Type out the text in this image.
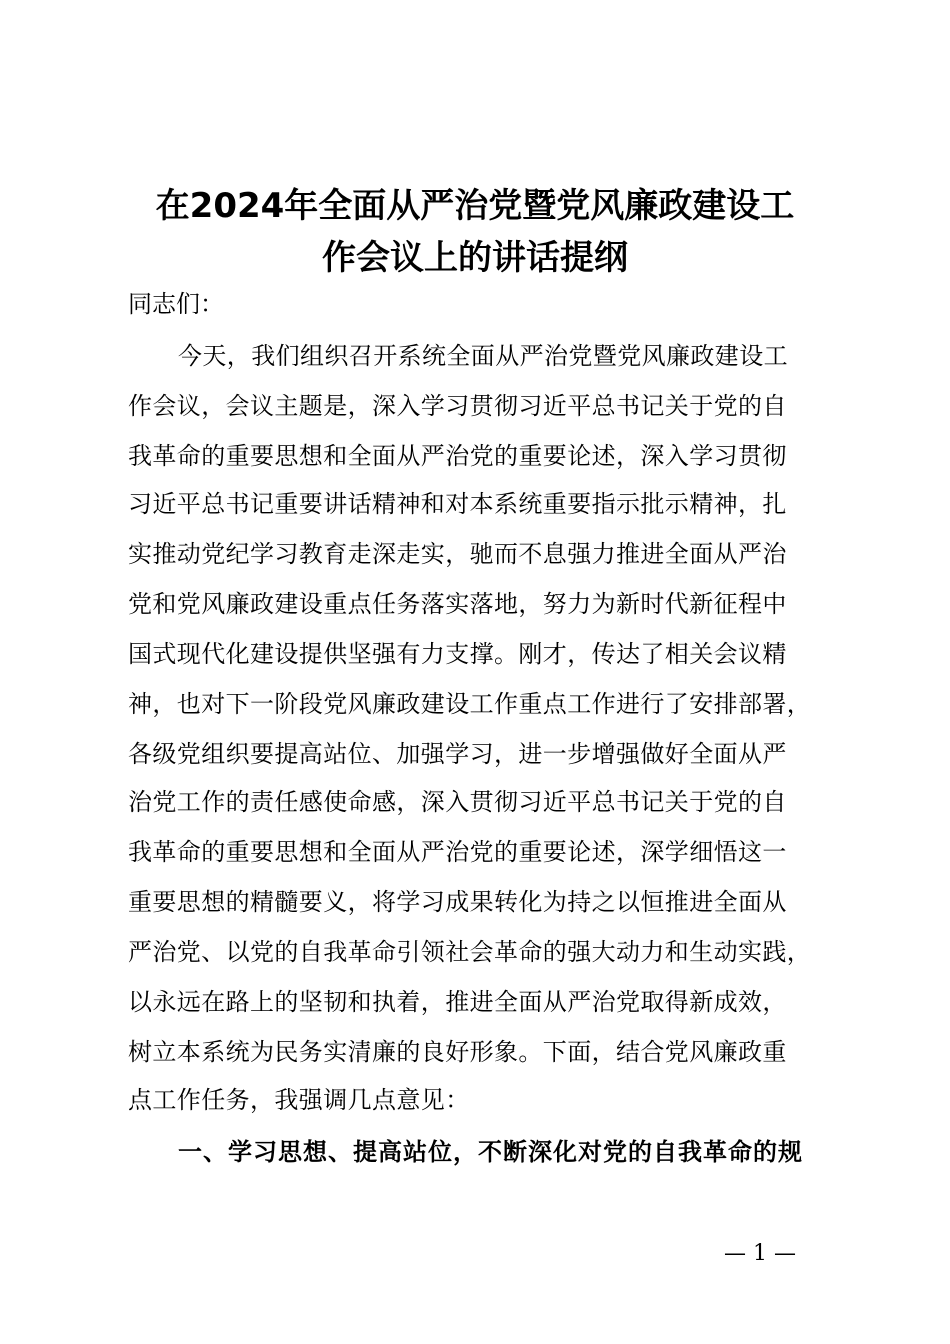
在2024年全面从严治党暨党风廉政建设工
作会议上的讲话提纲
同志们：
今天，我们组织召开系统全面从严治党暨党风廉政建设工
作会议，会议主题是，深入学习贯彻习近平总书记关于党的自
我革命的重要思想和全面从严治党的重要论述，深入学习贯彻
习近平总书记重要讲话精神和对本系统重要指示批示精神，扎
实推动党纪学习教育走深走实，驰而不息强力推进全面从严治
党和党风廉政建设重点任务落实落地，努力为新时代新征程中
国式现代化建设提供坚强有力支撑。刚才，传达了相关会议精
神，也对下一阶段党风廉政建设工作重点工作进行了安排部署，
各级党组织要提高站位、加强学习，进一步增强做好全面从严
治党工作的责任感使命感，深入贯彻习近平总书记关于党的自
我革命的重要思想和全面从严治党的重要论述，深学细悟这一
重要思想的精髓要义，将学习成果转化为持之以恒推进全面从
严治党、以党的自我革命引领社会革命的强大动力和生动实践，
以永远在路上的坚韧和执着，推进全面从严治党取得新成效，
树立本系统为民务实清廉的良好形象。下面，结合党风廉政重
点工作任务，我强调几点意见：
一、学习思想、提高站位，不断深化对党的自我革命的规
— 1 —
